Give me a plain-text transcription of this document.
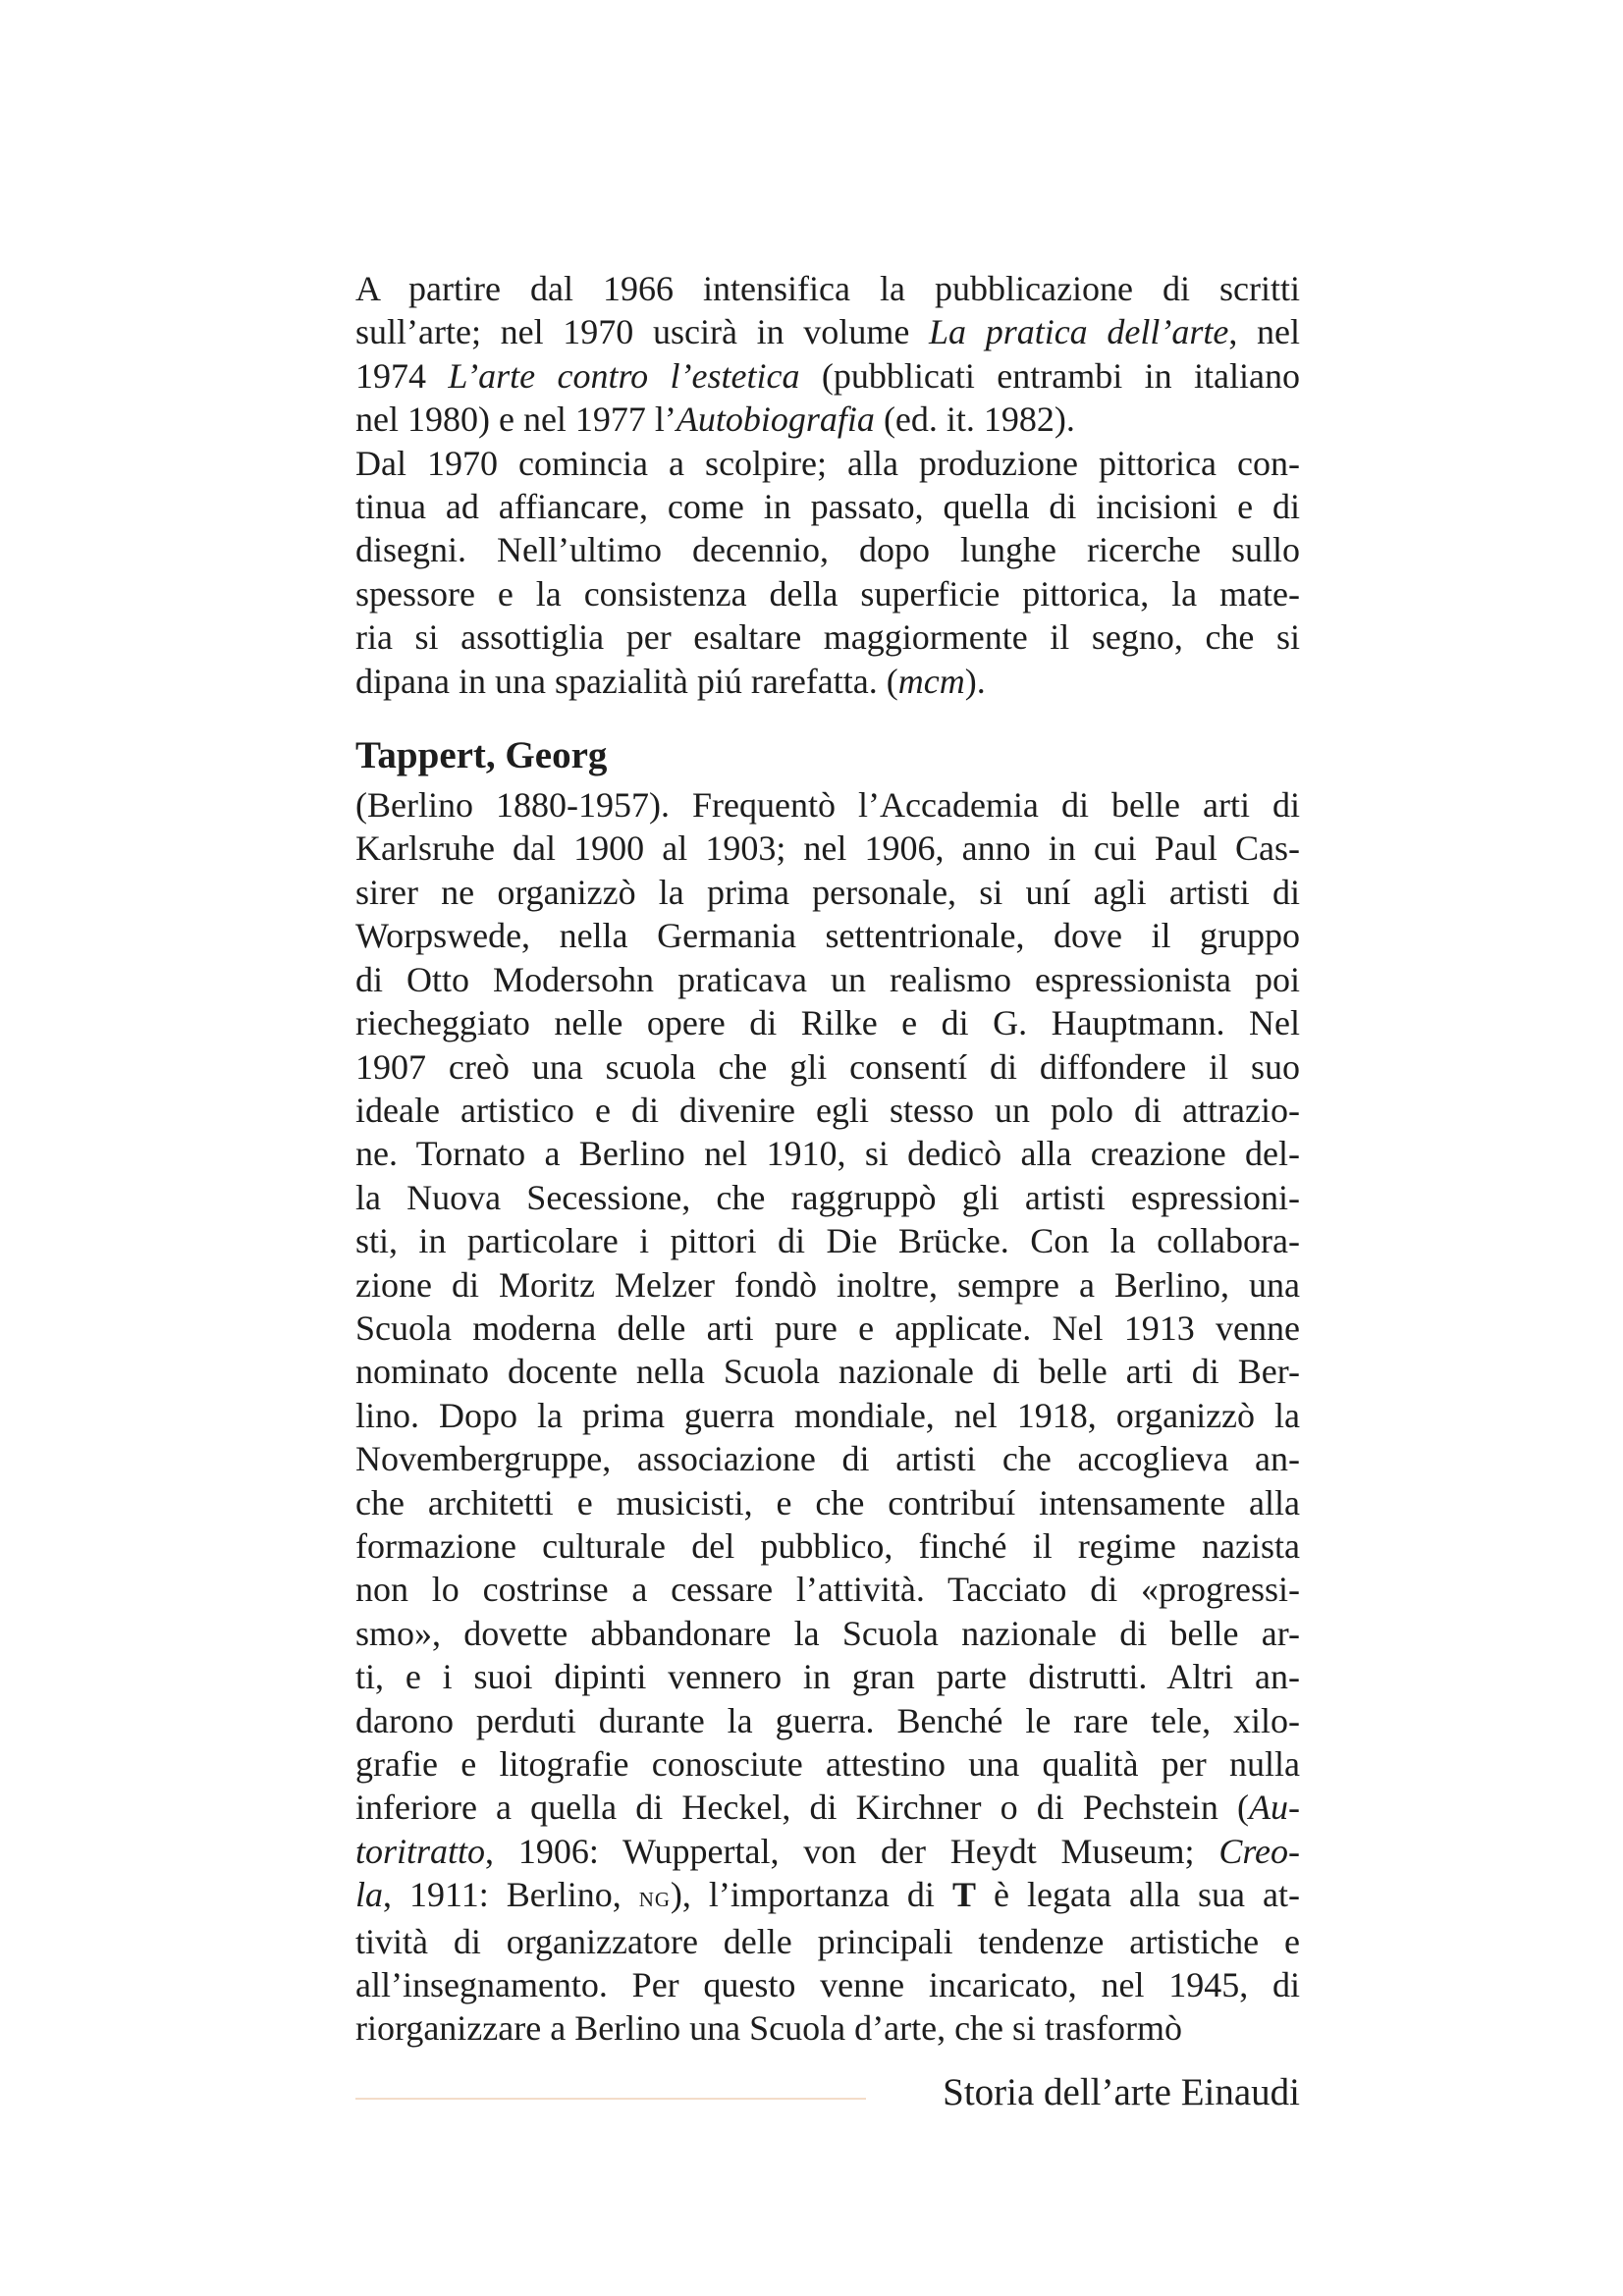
A partire dal 1966 intensifica la pubblicazione di scritti
sull’arte; nel 1970 uscirà in volume La pratica dell’arte, nel
1974 L’arte contro l’estetica (pubblicati entrambi in italiano
nel 1980) e nel 1977 l’Autobiografia (ed. it. 1982).
Dal 1970 comincia a scolpire; alla produzione pittorica con-
tinua ad affiancare, come in passato, quella di incisioni e di
disegni. Nell’ultimo decennio, dopo lunghe ricerche sullo
spessore e la consistenza della superficie pittorica, la mate-
ria si assottiglia per esaltare maggiormente il segno, che si
dipana in una spazialità piú rarefatta. (mcm).
Tappert, Georg
(Berlino 1880-1957). Frequentò l’Accademia di belle arti di
Karlsruhe dal 1900 al 1903; nel 1906, anno in cui Paul Cas-
sirer ne organizzò la prima personale, si uní agli artisti di
Worpswede, nella Germania settentrionale, dove il gruppo
di Otto Modersohn praticava un realismo espressionista poi
riecheggiato nelle opere di Rilke e di G. Hauptmann. Nel
1907 creò una scuola che gli consentí di diffondere il suo
ideale artistico e di divenire egli stesso un polo di attrazio-
ne. Tornato a Berlino nel 1910, si dedicò alla creazione del-
la Nuova Secessione, che raggruppò gli artisti espressioni-
sti, in particolare i pittori di Die Brücke. Con la collabora-
zione di Moritz Melzer fondò inoltre, sempre a Berlino, una
Scuola moderna delle arti pure e applicate. Nel 1913 venne
nominato docente nella Scuola nazionale di belle arti di Ber-
lino. Dopo la prima guerra mondiale, nel 1918, organizzò la
Novembergruppe, associazione di artisti che accoglieva an-
che architetti e musicisti, e che contribuí intensamente alla
formazione culturale del pubblico, finché il regime nazista
non lo costrinse a cessare l’attività. Tacciato di «progressi-
smo», dovette abbandonare la Scuola nazionale di belle ar-
ti, e i suoi dipinti vennero in gran parte distrutti. Altri an-
darono perduti durante la guerra. Benché le rare tele, xilo-
grafie e litografie conosciute attestino una qualità per nulla
inferiore a quella di Heckel, di Kirchner o di Pechstein (Au-
toritratto, 1906: Wuppertal, von der Heydt Museum; Creo-
la, 1911: Berlino, ng), l’importanza di T è legata alla sua at-
tività di organizzatore delle principali tendenze artistiche e
all’insegnamento. Per questo venne incaricato, nel 1945, di
riorganizzare a Berlino una Scuola d’arte, che si trasformò
Storia dell’arte Einaudi
